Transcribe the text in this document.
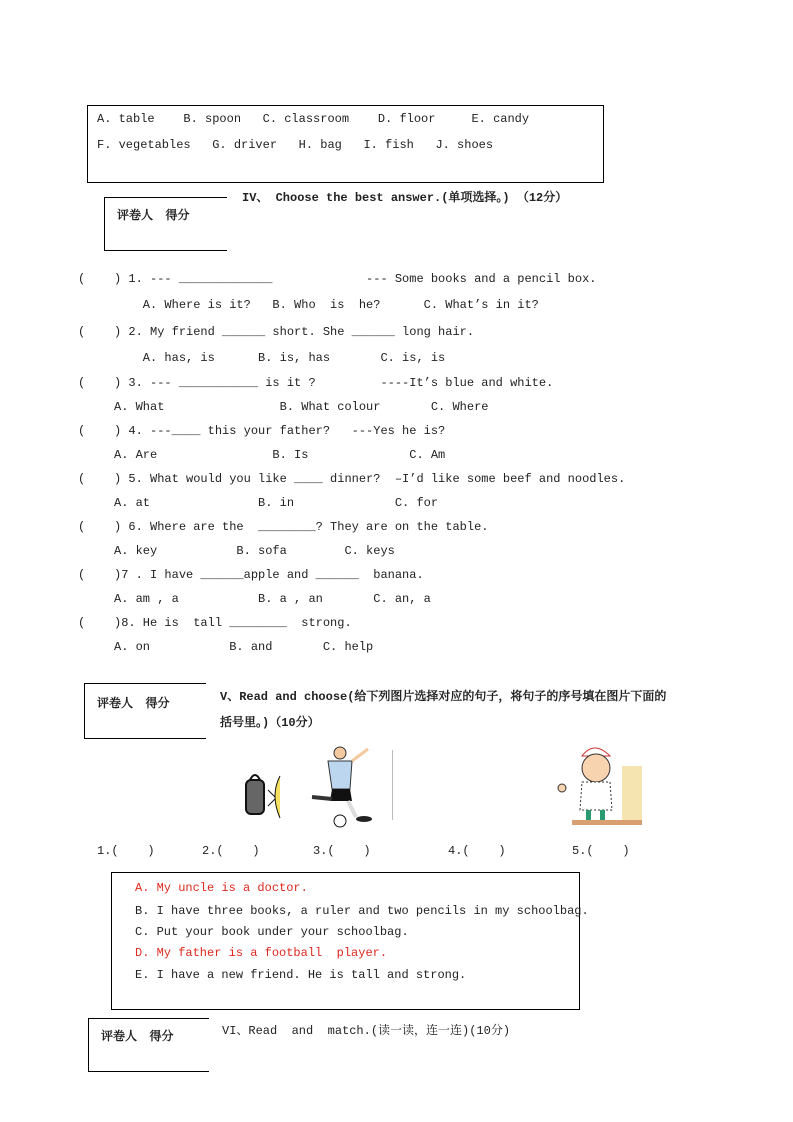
A. table    B. spoon   C. classroom    D. floor     E. candy
F. vegetables   G. driver   H. bag   I. fish   J. shoes
评卷人   得分
IV、 Choose the best answer.(单项选择。) （12分）
(    ) 1. --- _____________             --- Some books and a pencil box.
A. Where is it?   B. Who  is  he?      C. What’s in it?
(    ) 2. My friend ______ short. She ______ long hair.
A. has, is      B. is, has       C. is, is
(    ) 3. --- ___________ is it ?         ----It’s blue and white.
A. What                B. What colour       C. Where
(    ) 4. ---____ this your father?   ---Yes he is?
A. Are                B. Is              C. Am
(    ) 5. What would you like ____ dinner?  –I’d like some beef and noodles.
A. at               B. in              C. for
(    ) 6. Where are the  ________? They are on the table.
A. key           B. sofa        C. keys
(    )7 . I have ______apple and ______  banana.
A. am , a           B. a , an       C. an, a
(    )8. He is  tall ________  strong.
A. on           B. and       C. help
评卷人   得分	V、Read and choose(给下列图片选择对应的句子，将句子的序号填在图片下面的
括号里。)（10分）
1.(    )	2.(    )	3.(    )	4.(    )	5.(    )
A. My uncle is a doctor.
B. I have three books, a ruler and two pencils in my schoolbag.
C. Put your book under your schoolbag.
D. My father is a football  player.
E. I have a new friend. He is tall and strong.
评卷人   得分	VI、Read  and  match.(读一读，连一连)(10分)
